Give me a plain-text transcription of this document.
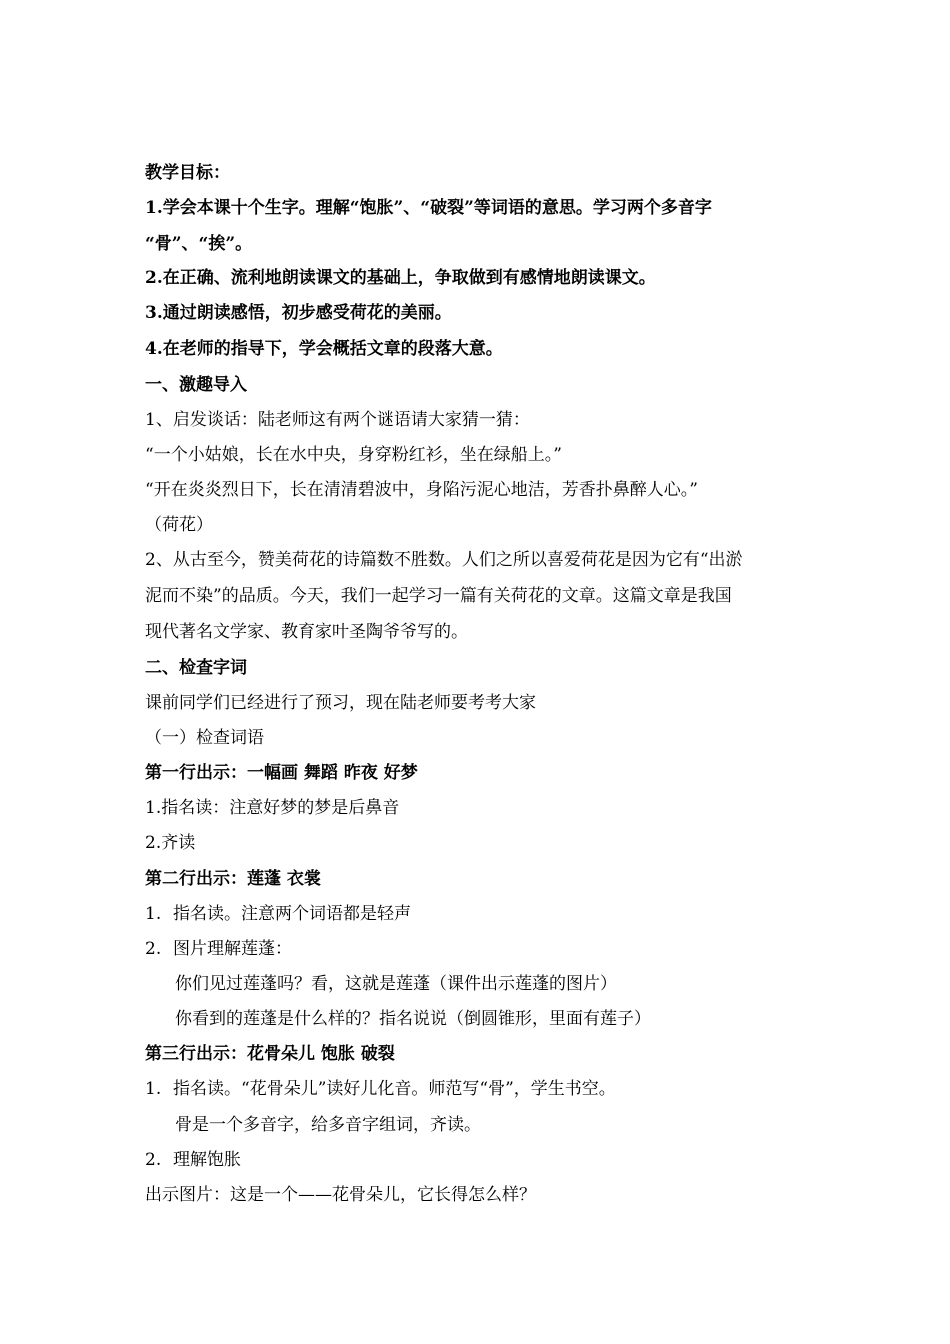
教学目标：
1.学会本课十个生字。理解“饱胀”、“破裂”等词语的意思。学习两个多音字
“骨”、“挨”。
2.在正确、流利地朗读课文的基础上，争取做到有感情地朗读课文。
3.通过朗读感悟，初步感受荷花的美丽。
4.在老师的指导下，学会概括文章的段落大意。
一、激趣导入
1、启发谈话：陆老师这有两个谜语请大家猜一猜：
“一个小姑娘，长在水中央，身穿粉红衫，坐在绿船上。”
“开在炎炎烈日下，长在清清碧波中，身陷污泥心地洁，芳香扑鼻醉人心。”
（荷花）
2、从古至今，赞美荷花的诗篇数不胜数。人们之所以喜爱荷花是因为它有“出淤
泥而不染”的品质。今天，我们一起学习一篇有关荷花的文章。这篇文章是我国
现代著名文学家、教育家叶圣陶爷爷写的。
二、检查字词
课前同学们已经进行了预习，现在陆老师要考考大家
（一）检查词语
第一行出示：一幅画 舞蹈 昨夜 好梦
1.指名读：注意好梦的梦是后鼻音
2.齐读
第二行出示：莲蓬 衣裳
1. 指名读。注意两个词语都是轻声
2. 图片理解莲蓬：
你们见过莲蓬吗？看，这就是莲蓬（课件出示莲蓬的图片）
你看到的莲蓬是什么样的？指名说说（倒圆锥形，里面有莲子）
第三行出示：花骨朵儿 饱胀 破裂
1. 指名读。“花骨朵儿”读好儿化音。师范写“骨”，学生书空。
骨是一个多音字，给多音字组词，齐读。
2. 理解饱胀
出示图片：这是一个——花骨朵儿，它长得怎么样？
